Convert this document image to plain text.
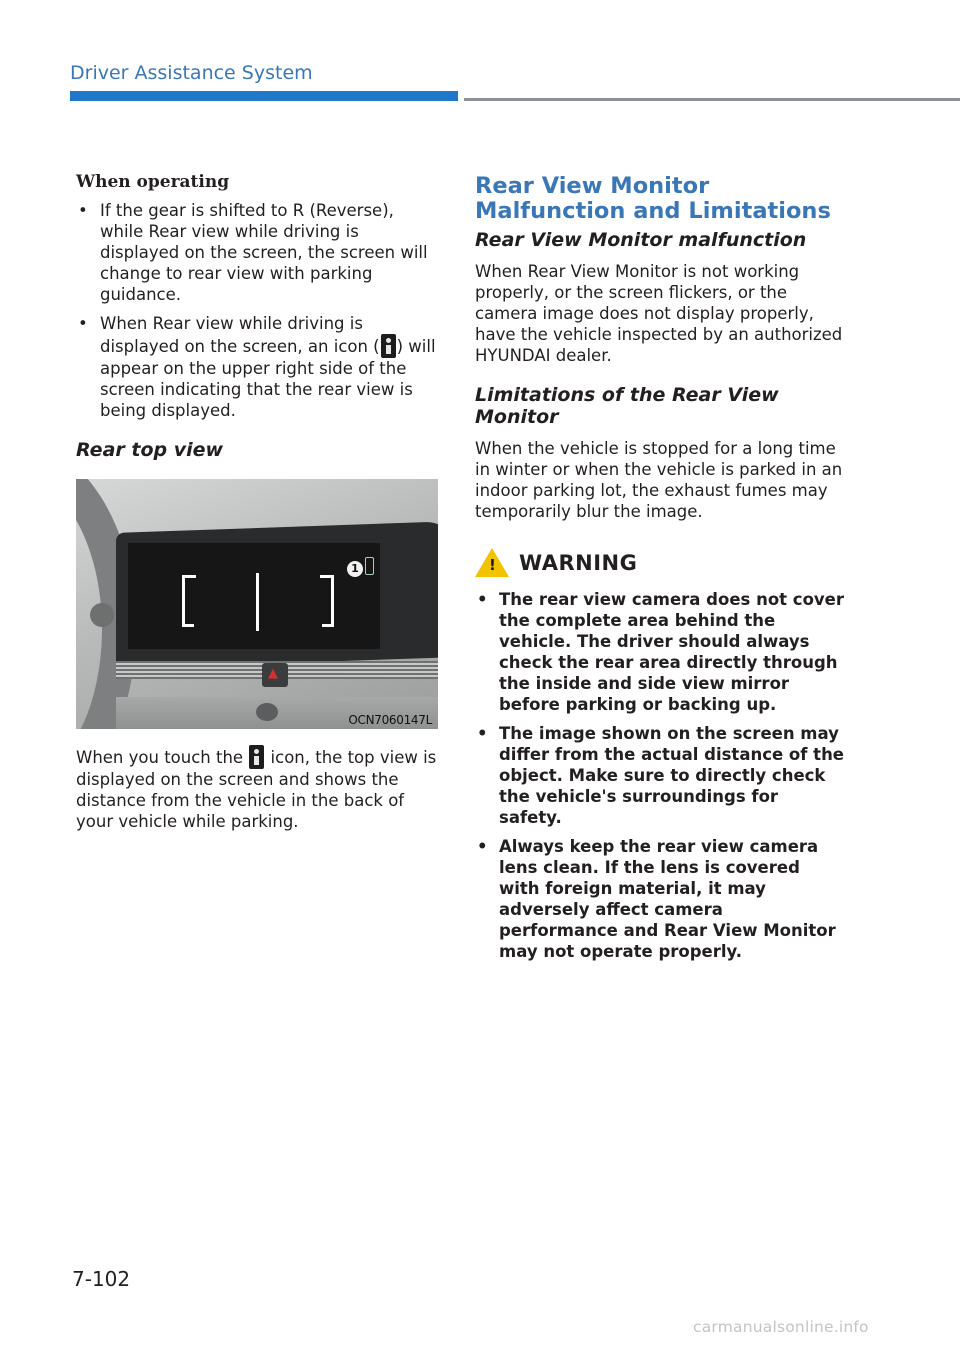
Driver Assistance System
When operating
• If the gear is shifted to R (Reverse), while Rear view while driving is displayed on the screen, the screen will change to rear view with parking guidance.
• When Rear view while driving is displayed on the screen, an icon ( ) will appear on the upper right side of the screen indicating that the rear view is being displayed.
Rear top view
1
▲
OCN7060147L

When you touch the  icon, the top view is displayed on the screen and shows the distance from the vehicle in the back of your vehicle while parking.

Rear View Monitor Malfunction and Limitations
Rear View Monitor malfunction

When Rear View Monitor is not working properly, or the screen flickers, or the camera image does not display properly, have the vehicle inspected by an authorized HYUNDAI dealer.

Limitations of the Rear View Monitor

When the vehicle is stopped for a long time in winter or when the vehicle is parked in an indoor parking lot, the exhaust fumes may temporarily blur the image.

!
WARNING
• The rear view camera does not cover the complete area behind the vehicle. The driver should always check the rear area directly through the inside and side view mirror before parking or backing up.
• The image shown on the screen may differ from the actual distance of the object. Make sure to directly check the vehicle's surroundings for safety.
• Always keep the rear view camera lens clean. If the lens is covered with foreign material, it may adversely affect camera performance and Rear View Monitor may not operate properly.
7-102
carmanualsonline.info
